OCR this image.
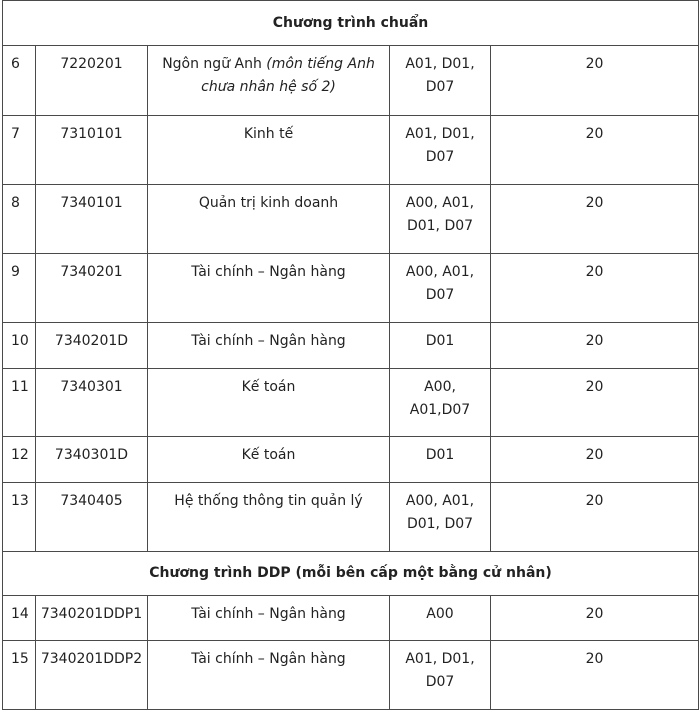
Chương trình chuẩn				
6	7220201	Ngôn ngữ Anh (môn tiếng Anh chưa nhân hệ số 2)	A01, D01, D07	20
7	7310101	Kinh tế	A01, D01, D07	20
8	7340101	Quản trị kinh doanh	A00, A01, D01, D07	20
9	7340201	Tài chính – Ngân hàng	A00, A01, D07	20
10	7340201D	Tài chính – Ngân hàng	D01	20
11	7340301	Kế toán	A00, A01,D07	20
12	7340301D	Kế toán	D01	20
13	7340405	Hệ thống thông tin quản lý	A00, A01, D01, D07	20
Chương trình DDP (mỗi bên cấp một bằng cử nhân)				
14	7340201DDP1	Tài chính – Ngân hàng	A00	20
15	7340201DDP2	Tài chính – Ngân hàng	A01, D01, D07	20
